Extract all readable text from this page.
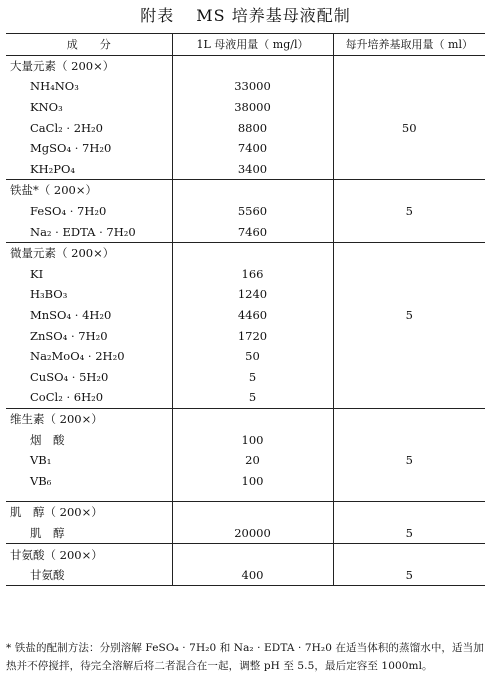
附表 MS 培养基母液配制
成　　分	1L 母液用量（ mg/l）	每升培养基取用量（ ml）
大量元素（ 200×）		
NH₄NO₃	33000	
KNO₃	38000	
CaCl₂ · 2H₂0	8800	50
MgSO₄ · 7H₂0	7400	
KH₂PO₄	3400	
铁盐*（ 200×）		
FeSO₄ · 7H₂0	5560	5
Na₂ · EDTA · 7H₂0	7460	
微量元素（ 200×）		
KI	166	
H₃BO₃	1240	
MnSO₄ · 4H₂0	4460	5
ZnSO₄ · 7H₂0	1720	
Na₂MoO₄ · 2H₂0	50	
CuSO₄ · 5H₂0	5	
CoCl₂ · 6H₂0	5	
维生素（ 200×）		
烟　酸	100	
VB₁	20	5
VB₆	100	

肌　醇（ 200×）		
肌　醇	20000	5
甘氨酸（ 200×）		
甘氨酸	400	5
* 铁盐的配制方法：分别溶解 FeSO₄ · 7H₂0 和 Na₂ · EDTA · 7H₂0 在适当体积的蒸馏水中，适当加热并不停搅拌，待完全溶解后将二者混合在一起，调整 pH 至 5.5，最后定容至 1000ml。
